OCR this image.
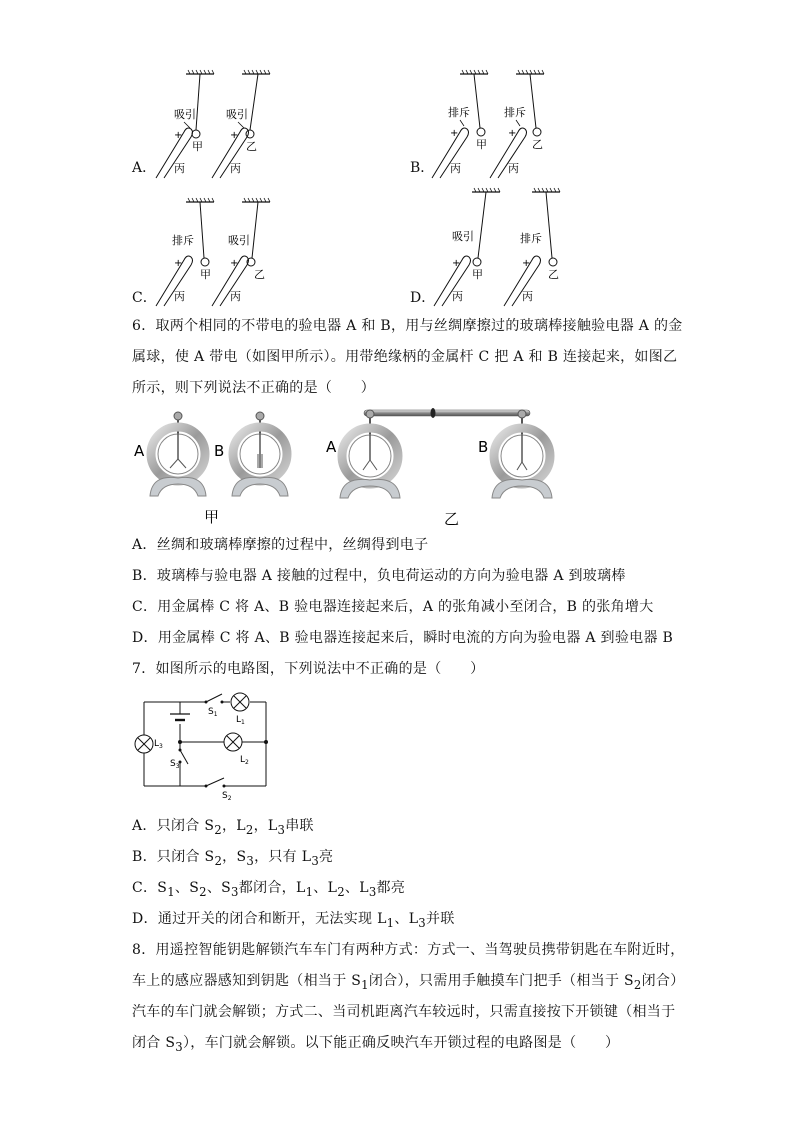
A．
吸引	吸引
+	+
甲	乙
丙	丙	B．
排斥	排斥
+	+
甲	乙
丙	丙
C．
排斥	吸引
+	+
甲	乙
丙	丙	D．
吸引	排斥
+	+
甲	乙
丙	丙
6．取两个相同的不带电的验电器 A 和 B，用与丝绸摩擦过的玻璃棒接触验电器 A 的金
属球，使 A 带电（如图甲所示）。用带绝缘柄的金属杆 C 把 A 和 B 连接起来，如图乙
所示，则下列说法不正确的是（　　）
A	B
甲
A	B
乙
A．丝绸和玻璃棒摩擦的过程中，丝绸得到电子
B．玻璃棒与验电器 A 接触的过程中，负电荷运动的方向为验电器 A 到玻璃棒
C．用金属棒 C 将 A、B 验电器连接起来后，A 的张角减小至闭合，B 的张角增大
D．用金属棒 C 将 A、B 验电器连接起来后，瞬时电流的方向为验电器 A 到验电器 B
7．如图所示的电路图，下列说法中不正确的是（　　）
$S_1$
$L_1$
$L_2$
$L_3$
$S_3$
$S_2$
A．只闭合 $S_2$，$L_2$，$L_3$串联
B．只闭合 $S_2$，$S_3$，只有 $L_3$亮
C．$S_1$、$S_2$、$S_3$都闭合，$L_1$、$L_2$、$L_3$都亮
D．通过开关的闭合和断开，无法实现 $L_1$、$L_3$并联
8．用遥控智能钥匙解锁汽车车门有两种方式：方式一、当驾驶员携带钥匙在车附近时，
车上的感应器感知到钥匙（相当于 $S_1$闭合），只需用手触摸车门把手（相当于 $S_2$闭合）
汽车的车门就会解锁；方式二、当司机距离汽车较远时，只需直接按下开锁键（相当于
闭合 $S_3$），车门就会解锁。以下能正确反映汽车开锁过程的电路图是（　　）
